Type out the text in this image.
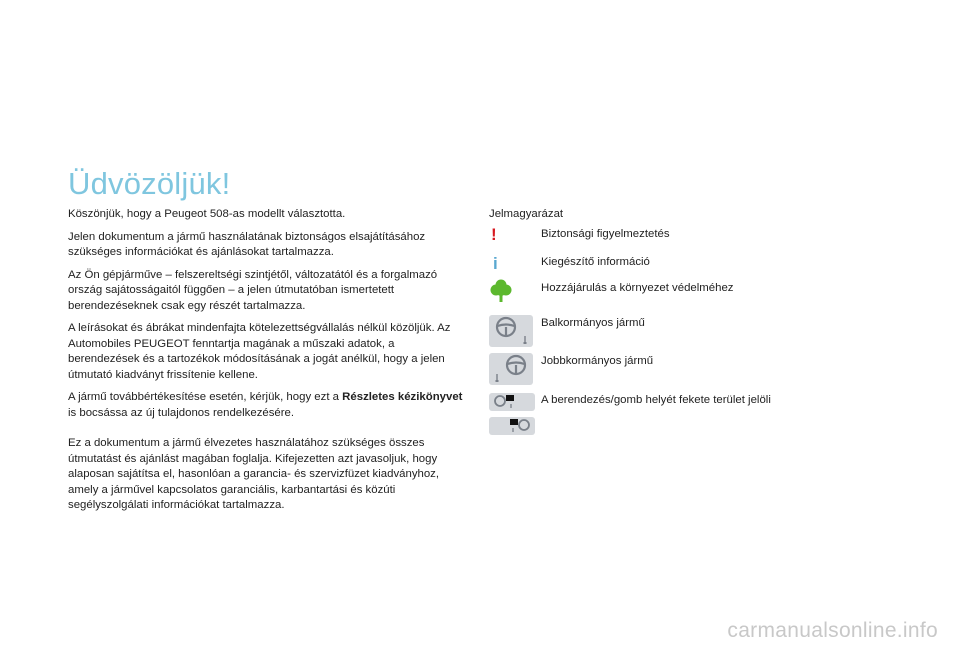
Üdvözöljük!

Köszönjük, hogy a Peugeot 508-as modellt választotta.

Jelen dokumentum a jármű használatának biztonságos elsajátításához szükséges információkat és ajánlásokat tartalmazza.

Az Ön gépjárműve – felszereltségi szintjétől, változatától és a forgalmazó ország sajátosságaitól függően – a jelen útmutatóban ismertetett berendezéseknek csak egy részét tartalmazza.

A leírásokat és ábrákat mindenfajta kötelezettségvállalás nélkül közöljük. Az Automobiles PEUGEOT fenntartja magának a műszaki adatok, a berendezések és a tartozékok módosításának a jogát anélkül, hogy a jelen útmutató kiadványt frissítenie kellene.

A jármű továbbértékesítése esetén, kérjük, hogy ezt a Részletes kézikönyvet is bocsássa az új tulajdonos rendelkezésére.

Ez a dokumentum a jármű élvezetes használatához szükséges összes útmutatást és ajánlást magában foglalja. Kifejezetten azt javasoljuk, hogy alaposan sajátítsa el, hasonlóan a garancia- és szervizfüzet kiadványhoz, amely a járművel kapcsolatos garanciális, karbantartási és közúti segélyszolgálati információkat tartalmazza.

Jelmagyarázat
!	Biztonsági figyelmeztetés
i	Kiegészítő információ
Hozzájárulás a környezet védelméhez
Balkormányos jármű
Jobbkormányos jármű
A berendezés/gomb helyét fekete terület jelöli
carmanualsonline.info
